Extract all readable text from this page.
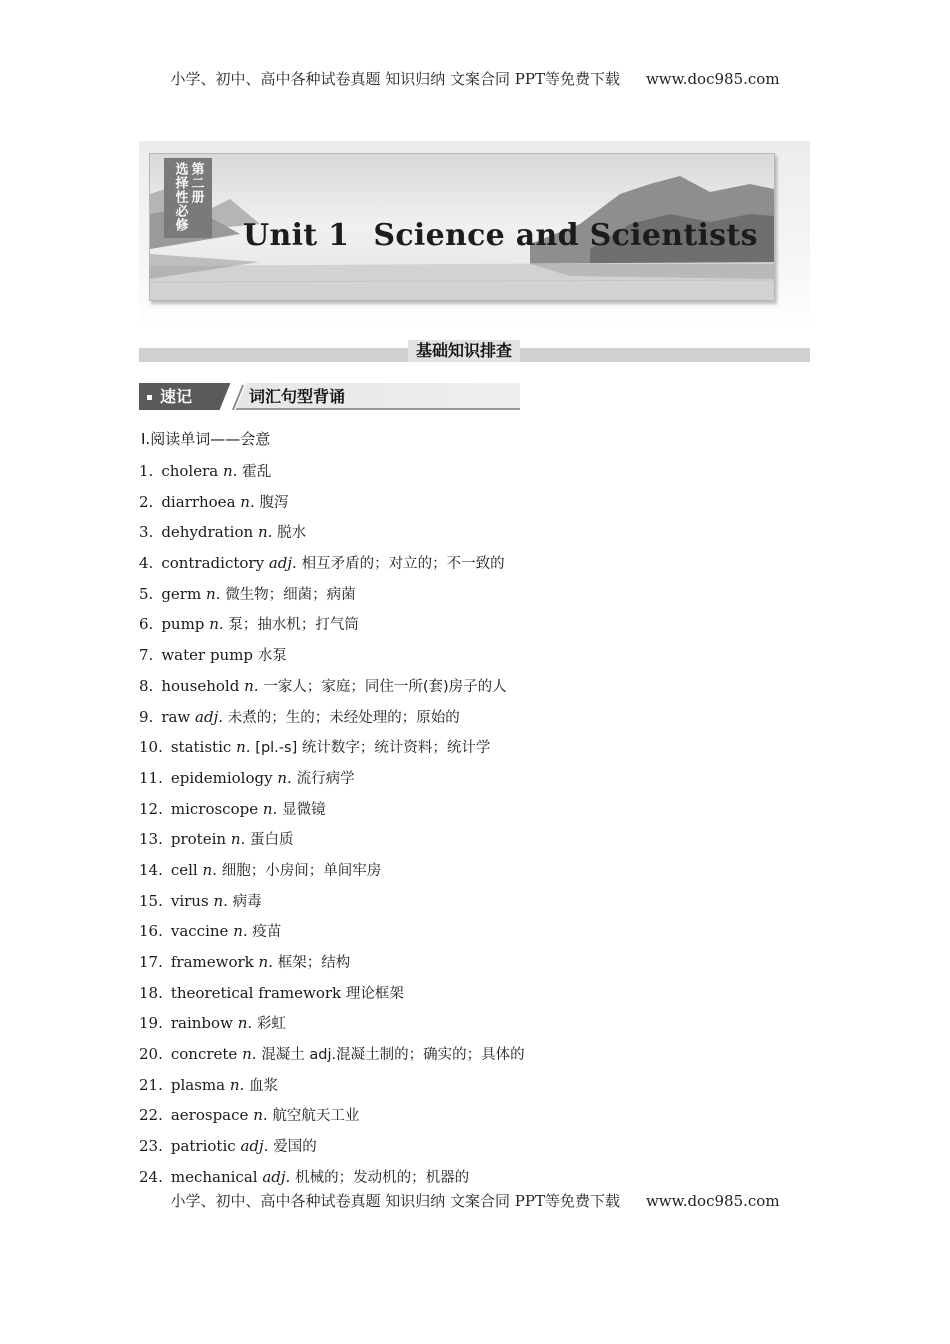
小学、初中、高中各种试卷真题 知识归纳 文案合同 PPT等免费下载 www.doc985.com
第二册
选择性必修
Unit 1 Science and Scientists
基础知识排查
速记	词汇句型背诵
Ⅰ.阅读单词——会意
1. cholera n. 霍乱
2. diarrhoea n. 腹泻
3. dehydration n. 脱水
4. contradictory adj. 相互矛盾的；对立的；不一致的
5. germ n. 微生物；细菌；病菌
6. pump n. 泵；抽水机；打气筒
7. water pump 水泵
8. household n. 一家人；家庭；同住一所(套)房子的人
9. raw adj. 未煮的；生的；未经处理的；原始的
10. statistic n. [pl.-s] 统计数字；统计资料；统计学
11. epidemiology n. 流行病学
12. microscope n. 显微镜
13. protein n. 蛋白质
14. cell n. 细胞；小房间；单间牢房
15. virus n. 病毒
16. vaccine n. 疫苗
17. framework n. 框架；结构
18. theoretical framework 理论框架
19. rainbow n. 彩虹
20. concrete n. 混凝土 adj.混凝土制的；确实的；具体的
21. plasma n. 血浆
22. aerospace n. 航空航天工业
23. patriotic adj. 爱国的
24. mechanical adj. 机械的；发动机的；机器的
小学、初中、高中各种试卷真题 知识归纳 文案合同 PPT等免费下载 www.doc985.com
